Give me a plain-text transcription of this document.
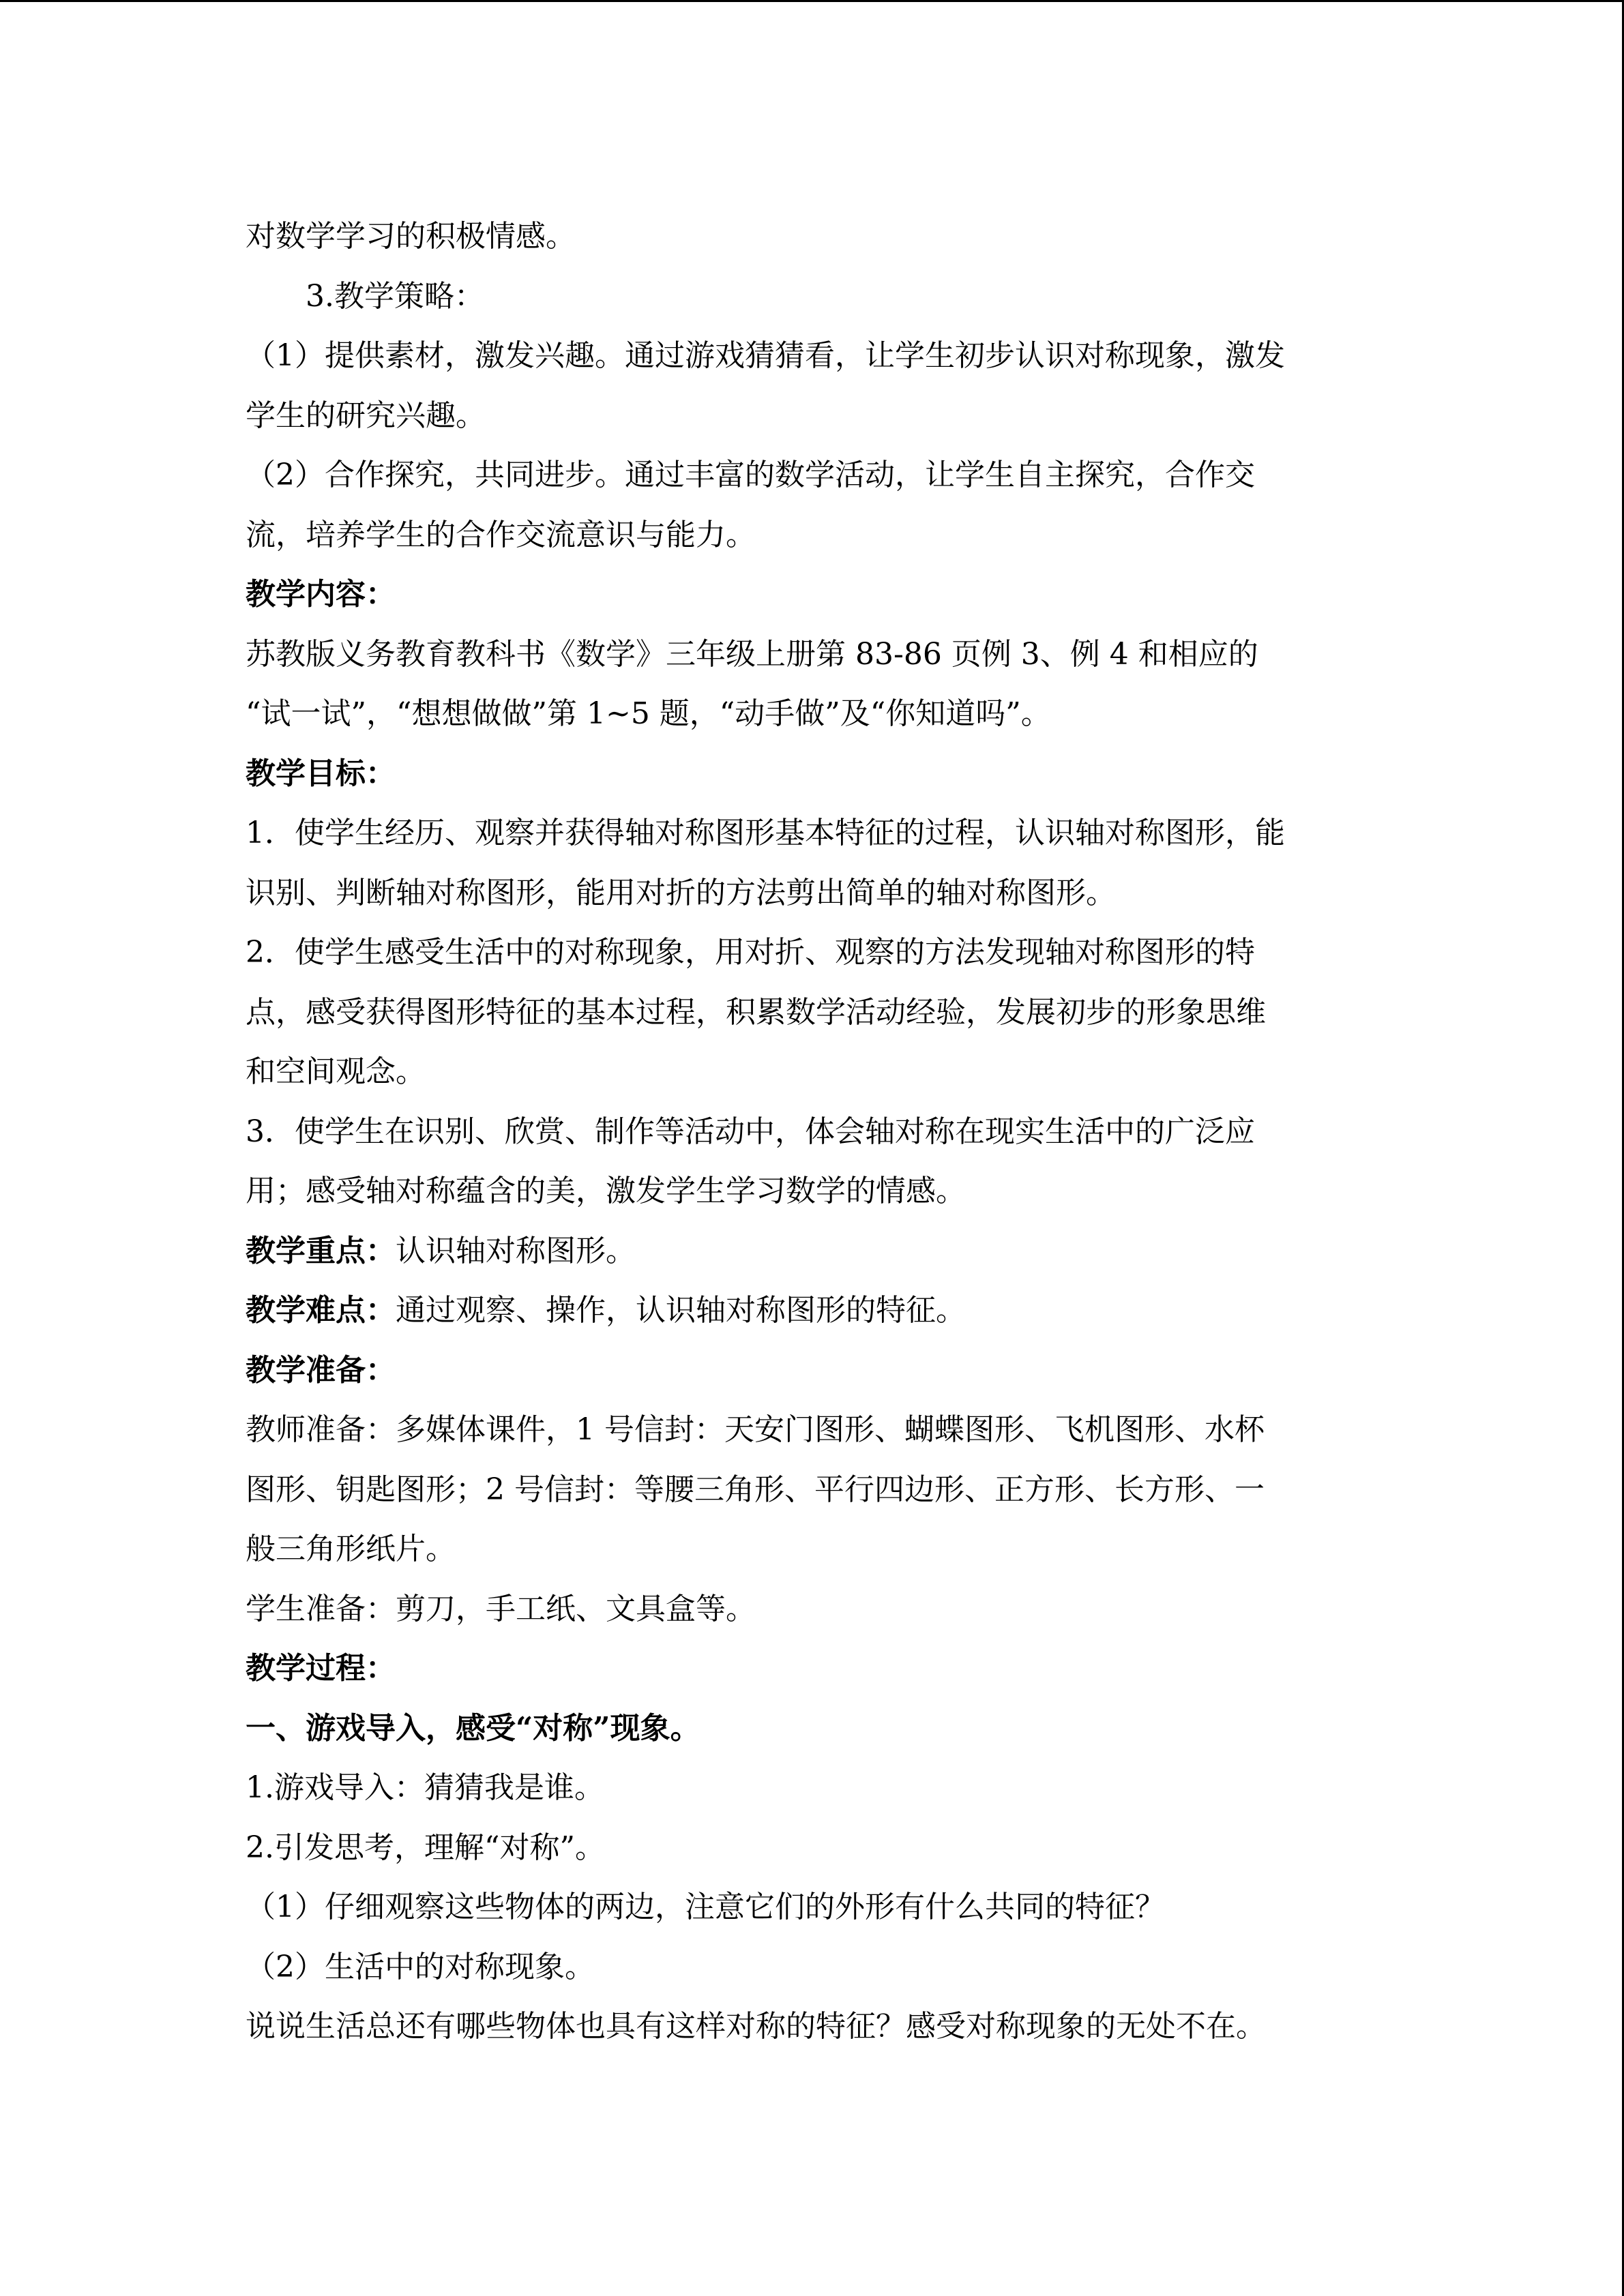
对数学学习的积极情感。
3.教学策略：
（1）提供素材，激发兴趣。通过游戏猜猜看，让学生初步认识对称现象，激发
学生的研究兴趣。
（2）合作探究，共同进步。通过丰富的数学活动，让学生自主探究，合作交
流，培养学生的合作交流意识与能力。
教学内容：
苏教版义务教育教科书《数学》三年级上册第 83-86 页例 3、例 4 和相应的
“试一试”，“想想做做”第 1~5 题，“动手做”及“你知道吗”。
教学目标：
1．使学生经历、观察并获得轴对称图形基本特征的过程，认识轴对称图形，能
识别、判断轴对称图形，能用对折的方法剪出简单的轴对称图形。
2．使学生感受生活中的对称现象，用对折、观察的方法发现轴对称图形的特
点，感受获得图形特征的基本过程，积累数学活动经验，发展初步的形象思维
和空间观念。
3．使学生在识别、欣赏、制作等活动中，体会轴对称在现实生活中的广泛应
用；感受轴对称蕴含的美，激发学生学习数学的情感。
教学重点：认识轴对称图形。
教学难点：通过观察、操作，认识轴对称图形的特征。
教学准备：
教师准备：多媒体课件，1 号信封：天安门图形、蝴蝶图形、飞机图形、水杯
图形、钥匙图形；2 号信封：等腰三角形、平行四边形、正方形、长方形、一
般三角形纸片。
学生准备：剪刀，手工纸、文具盒等。
教学过程：
一、游戏导入，感受“对称”现象。
1.游戏导入：猜猜我是谁。
2.引发思考，理解“对称”。
（1）仔细观察这些物体的两边，注意它们的外形有什么共同的特征？
（2）生活中的对称现象。
说说生活总还有哪些物体也具有这样对称的特征？感受对称现象的无处不在。
